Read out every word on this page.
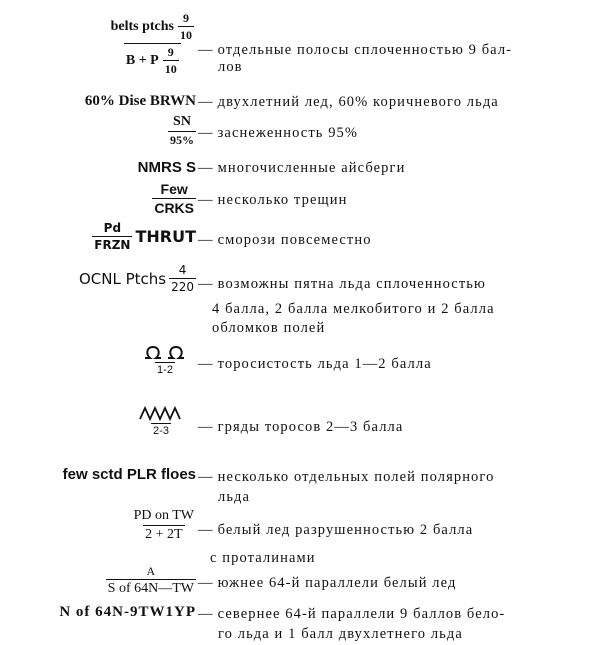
$\frac{belts ptchs \frac{9}{10}}{B + P \frac{9}{10}}$ — отдельные полосы сплоченностью 9 бал-
лов
60% Dise BRWN — двухлетний лед, 60% коричневого льда
$\frac{SN}{95\%}$ — заснеженность 95%
NMRS S — многочисленные айсберги
$\frac{\text{Few}}{\text{CRKS}}$ — несколько трещин
$\frac{Pd}{\text{FRZN}}$ THRUT — сморози повсеместно
OCNL Ptchs $\frac{4}{220}$ — возможны пятна льда сплоченностью
4 балла, 2 балла мелкобитого и 2 балла
обломков полей
1-2 — торосистость льда 1—2 балла
2-3 — гряды торосов 2—3 балла
few sctd PLR floes — несколько отдельных полей полярного
льда
$\frac{\text{PD on TW}}{2 + 2T}$ — белый лед разрушенностью 2 балла
с проталинами
$\frac{A}{\text{S of 64N—TW}}$ — южнее 64-й параллели белый лед
N of 64N-9TW1YP — севернее 64-й параллели 9 баллов бело-
го льда и 1 балл двухлетнего льда
